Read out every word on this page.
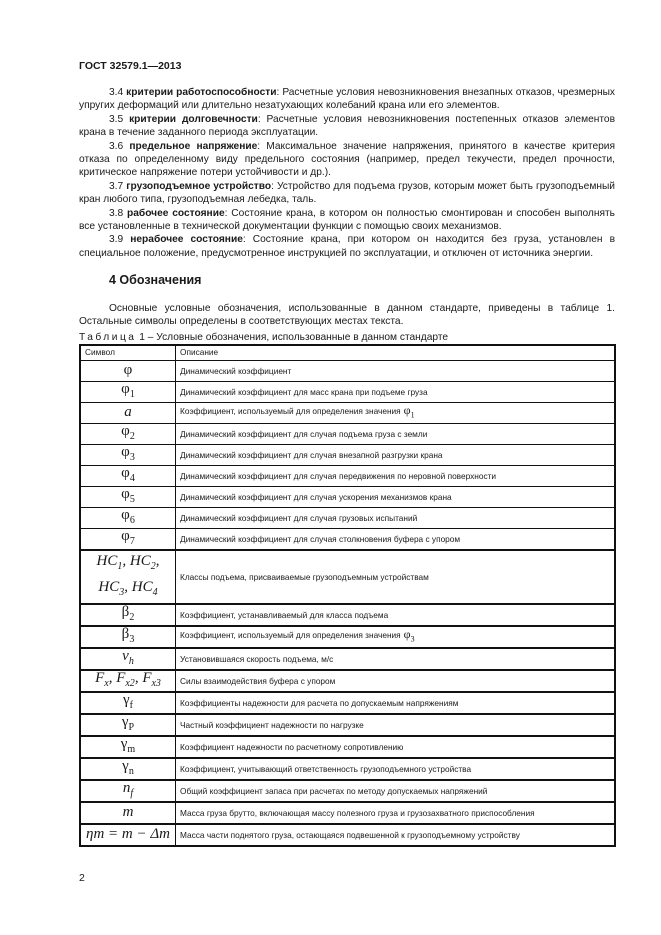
ГОСТ 32579.1—2013

3.4 критерии работоспособности: Расчетные условия невозникновения внезапных отказов, чрезмерных упругих деформаций или длительно незатухающих колебаний крана или его элементов.

3.5 критерии долговечности: Расчетные условия невозникновения постепенных отказов элементов крана в течение заданного периода эксплуатации.

3.6 предельное напряжение: Максимальное значение напряжения, принятого в качестве критерия отказа по определенному виду предельного состояния (например, предел текучести, предел прочности, критическое напряжение потери устойчивости и др.).

3.7 грузоподъемное устройство: Устройство для подъема грузов, которым может быть грузоподъемный кран любого типа, грузоподъемная лебедка, таль.

3.8 рабочее состояние: Состояние крана, в котором он полностью смонтирован и способен выполнять все установленные в технической документации функции с помощью своих механизмов.

3.9 нерабочее состояние: Состояние крана, при котором он находится без груза, установлен в специальное положение, предусмотренное инструкцией по эксплуатации, и отключен от источника энергии.

4 Обозначения

Основные условные обозначения, использованные в данном стандарте, приведены в таблице 1. Остальные символы определены в соответствующих местах текста.

Таблица 1 – Условные обозначения, использованные в данном стандарте
Символ	Описание
φ	Динамический коэффициент
$\varphi_1$	Динамический коэффициент для масс крана при подъеме груза
a	Коэффициент, используемый для определения значения $\varphi_1$
$\varphi_2$	Динамический коэффициент для случая подъема груза с земли
$\varphi_3$	Динамический коэффициент для случая внезапной разгрузки крана
$\varphi_4$	Динамический коэффициент для случая передвижения по неровной поверхности
$\varphi_5$	Динамический коэффициент для случая ускорения механизмов крана
$\varphi_6$	Динамический коэффициент для случая грузовых испытаний
$\varphi_7$	Динамический коэффициент для случая столкновения буфера с упором
$HC_1$, $HC_2$,
$HC_3$, $HC_4$	Классы подъема, присваиваемые грузоподъемным устройствам
$\beta_2$	Коэффициент, устанавливаемый для класса подъема
$\beta_3$	Коэффициент, используемый для определения значения $\varphi_3$
$v_h$	Установившаяся скорость подъема, м/с
$F_x$, $F_{x2}$, $F_{x3}$	Силы взаимодействия буфера с упором
$\gamma_f$	Коэффициенты надежности для расчета по допускаемым напряжениям
$\gamma_P$	Частный коэффициент надежности по нагрузке
$\gamma_m$	Коэффициент надежности по расчетному сопротивлению
$\gamma_n$	Коэффициент, учитывающий ответственность грузоподъемного устройства
$n_f$	Общий коэффициент запаса при расчетах по методу допускаемых напряжений
m	Масса груза брутто, включающая массу полезного груза и грузозахватного приспособления
ηm = m − Δm	Масса части поднятого груза, остающаяся подвешенной к грузоподъемному устройству
2
